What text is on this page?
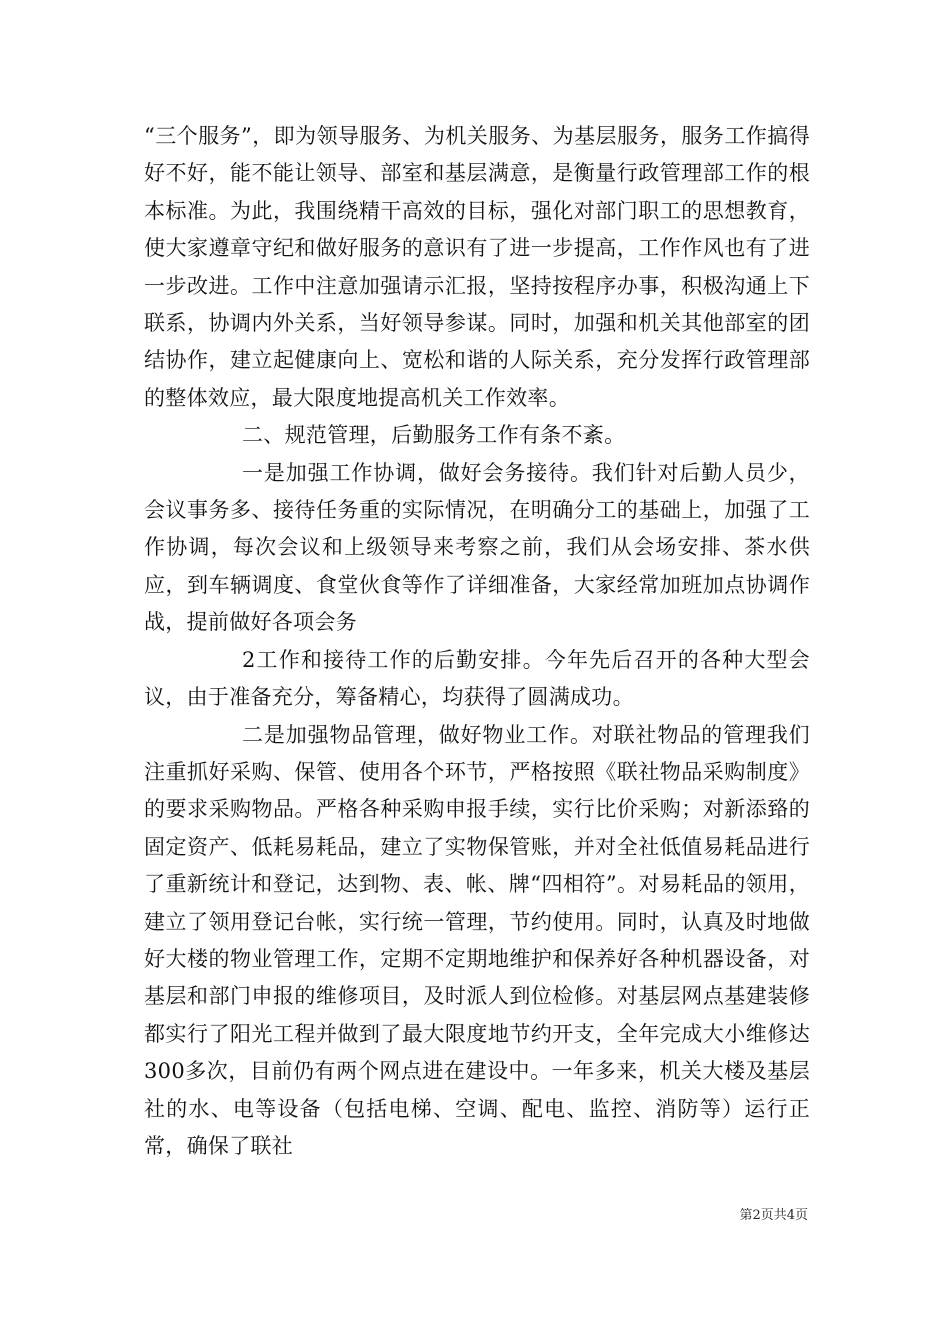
“三个服务”，即为领导服务、为机关服务、为基层服务，服务工作搞得好不好，能不能让领导、部室和基层满意，是衡量行政管理部工作的根本标准。为此，我围绕精干高效的目标，强化对部门职工的思想教育，使大家遵章守纪和做好服务的意识有了进一步提高，工作作风也有了进一步改进。工作中注意加强请示汇报，坚持按程序办事，积极沟通上下联系，协调内外关系，当好领导参谋。同时，加强和机关其他部室的团结协作，建立起健康向上、宽松和谐的人际关系，充分发挥行政管理部的整体效应，最大限度地提高机关工作效率。

二、规范管理，后勤服务工作有条不紊。

一是加强工作协调，做好会务接待。我们针对后勤人员少，会议事务多、接待任务重的实际情况，在明确分工的基础上，加强了工作协调，每次会议和上级领导来考察之前，我们从会场安排、茶水供应，到车辆调度、食堂伙食等作了详细准备，大家经常加班加点协调作战，提前做好各项会务

2工作和接待工作的后勤安排。今年先后召开的各种大型会议，由于准备充分，筹备精心，均获得了圆满成功。

二是加强物品管理，做好物业工作。对联社物品的管理我们注重抓好采购、保管、使用各个环节，严格按照《联社物品采购制度》的要求采购物品。严格各种采购申报手续，实行比价采购；对新添臵的固定资产、低耗易耗品，建立了实物保管账，并对全社低值易耗品进行了重新统计和登记，达到物、表、帐、牌“四相符”。对易耗品的领用，建立了领用登记台帐，实行统一管理，节约使用。同时，认真及时地做好大楼的物业管理工作，定期不定期地维护和保养好各种机器设备，对基层和部门申报的维修项目，及时派人到位检修。对基层网点基建装修都实行了阳光工程并做到了最大限度地节约开支，全年完成大小维修达300多次，目前仍有两个网点进在建设中。一年多来，机关大楼及基层社的水、电等设备（包括电梯、空调、配电、监控、消防等）运行正常，确保了联社

第2页共4页
